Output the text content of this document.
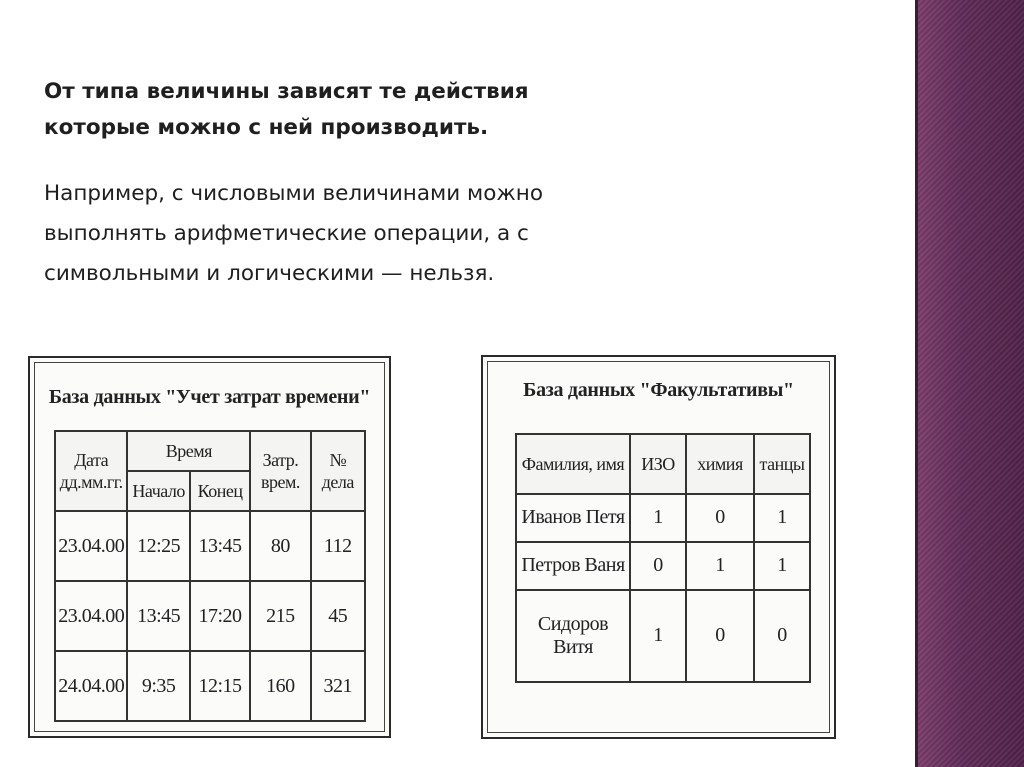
От типа величины зависят те действия
которые можно с ней производить.

Например, с числовыми величинами можно
выполнять арифметические операции, а с
символьными и логическими — нельзя.

База данных "Учет затрат времени"
Дата дд.мм.гг.	Время		Затр. врем.	№ дела
	Начало	Конец		
23.04.00	12:25	13:45	80	112
23.04.00	13:45	17:20	215	45
24.04.00	9:35	12:15	160	321
База данных "Факультативы"
Фамилия, имя	ИЗО	химия	танцы
Иванов Петя	1	0	1
Петров Ваня	0	1	1
Сидоров Витя	1	0	0
